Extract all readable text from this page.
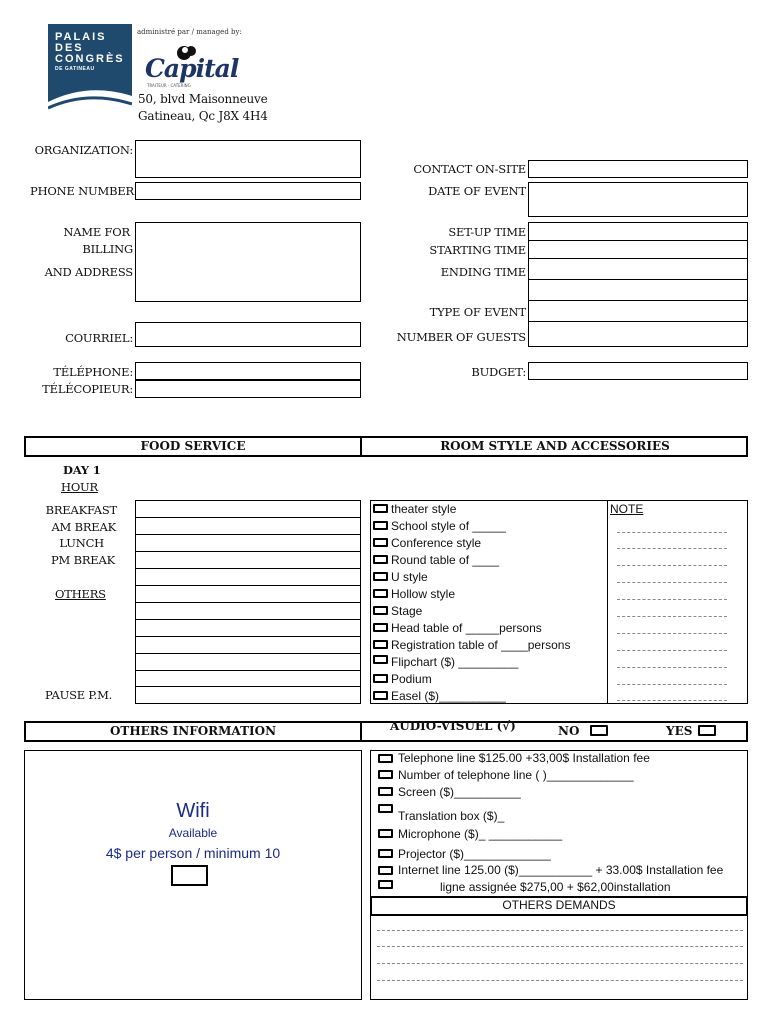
PALAIS
DES
CONGRÈS
DE GATINEAU
administré par / managed by:
Capital
TRAITEUR · CATERING
50, blvd Maisonneuve
Gatineau, Qc J8X 4H4
ORGANIZATION:
PHONE NUMBER
NAME FOR
BILLING
AND ADDRESS
COURRIEL:
TÉLÉPHONE:
TÉLÉCOPIEUR:
CONTACT ON-SITE
DATE OF EVENT
SET-UP TIME
STARTING TIME
ENDING TIME
TYPE OF EVENT
NUMBER OF GUESTS
BUDGET:
FOOD SERVICE	ROOM STYLE AND ACCESSORIES
DAY 1
HOUR
BREAKFAST
AM BREAK
LUNCH
PM BREAK
OTHERS
PAUSE P.M.
NOTE
theater style
School style of _____
Conference style
Round table of ____
U style
Hollow style
Stage
Head table of _____persons
Registration table of ____persons
Flipchart ($) _________
Podium
Easel ($)__________
OTHERS INFORMATION	AUDIO-VISUEL (√)	NO	YES
Wifi
Available
4$ per person / minimum 10
Telephone line $125.00 +33,00$ Installation fee
Number of telephone line ( )_____________
Screen ($)__________
Translation box ($)_
Microphone ($)_ ___________
Projector ($)_____________
Internet line 125.00 ($)___________ + 33.00$ Installation fee
ligne assignée $275,00 + $62,00installation
OTHERS DEMANDS
